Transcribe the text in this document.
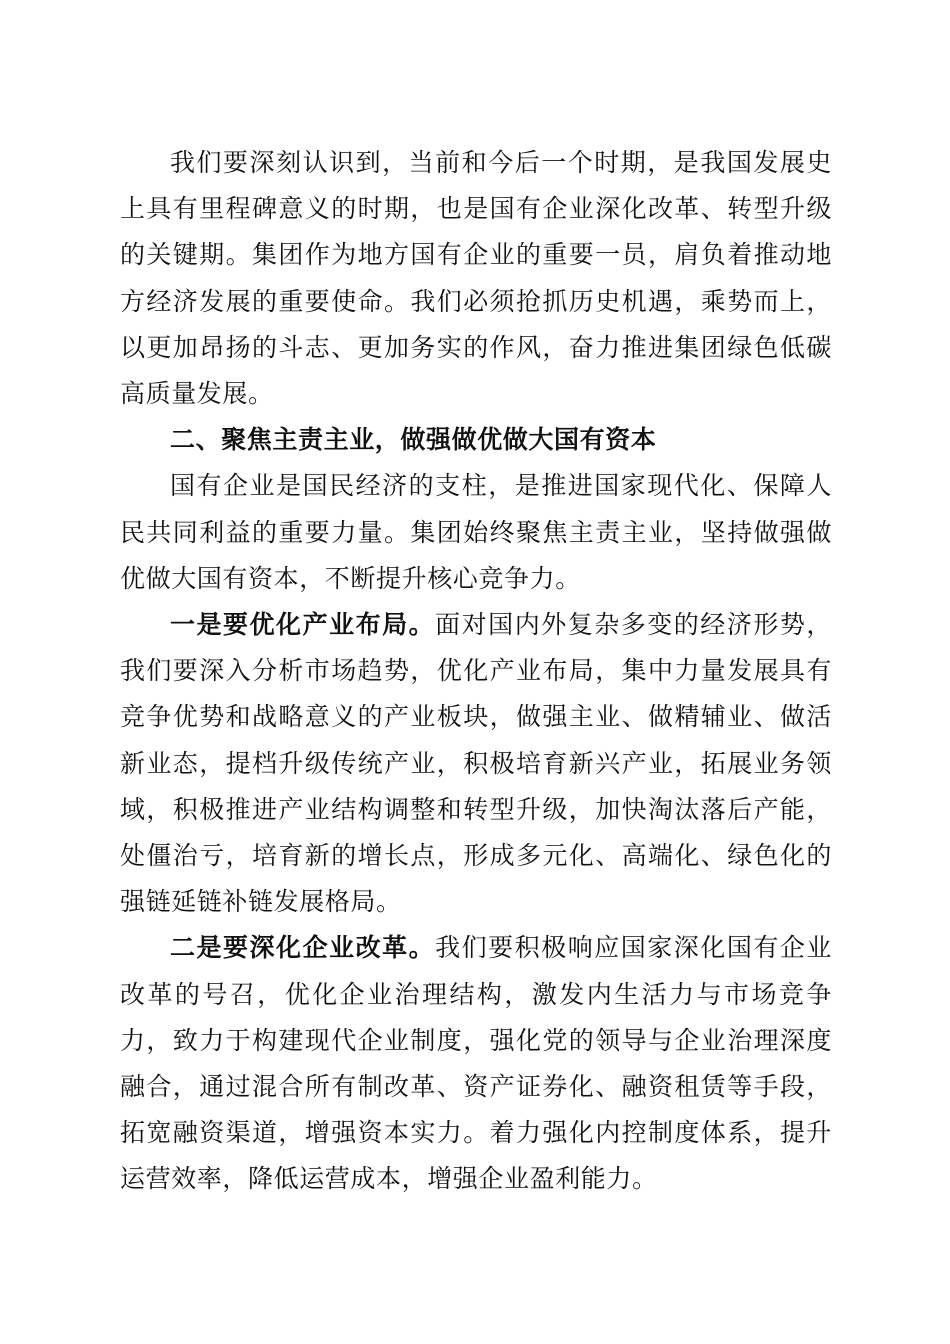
我们要深刻认识到，当前和今后一个时期，是我国发展史上具有里程碑意义的时期，也是国有企业深化改革、转型升级的关键期。集团作为地方国有企业的重要一员，肩负着推动地方经济发展的重要使命。我们必须抢抓历史机遇，乘势而上，以更加昂扬的斗志、更加务实的作风，奋力推进集团绿色低碳高质量发展。

二、聚焦主责主业，做强做优做大国有资本

国有企业是国民经济的支柱，是推进国家现代化、保障人民共同利益的重要力量。集团始终聚焦主责主业，坚持做强做优做大国有资本，不断提升核心竞争力。

一是要优化产业布局。面对国内外复杂多变的经济形势，我们要深入分析市场趋势，优化产业布局，集中力量发展具有竞争优势和战略意义的产业板块，做强主业、做精辅业、做活新业态，提档升级传统产业，积极培育新兴产业，拓展业务领域，积极推进产业结构调整和转型升级，加快淘汰落后产能，处僵治亏，培育新的增长点，形成多元化、高端化、绿色化的强链延链补链发展格局。

二是要深化企业改革。我们要积极响应国家深化国有企业改革的号召，优化企业治理结构，激发内生活力与市场竞争力，致力于构建现代企业制度，强化党的领导与企业治理深度融合，通过混合所有制改革、资产证券化、融资租赁等手段，拓宽融资渠道，增强资本实力。着力强化内控制度体系，提升运营效率，降低运营成本，增强企业盈利能力。
